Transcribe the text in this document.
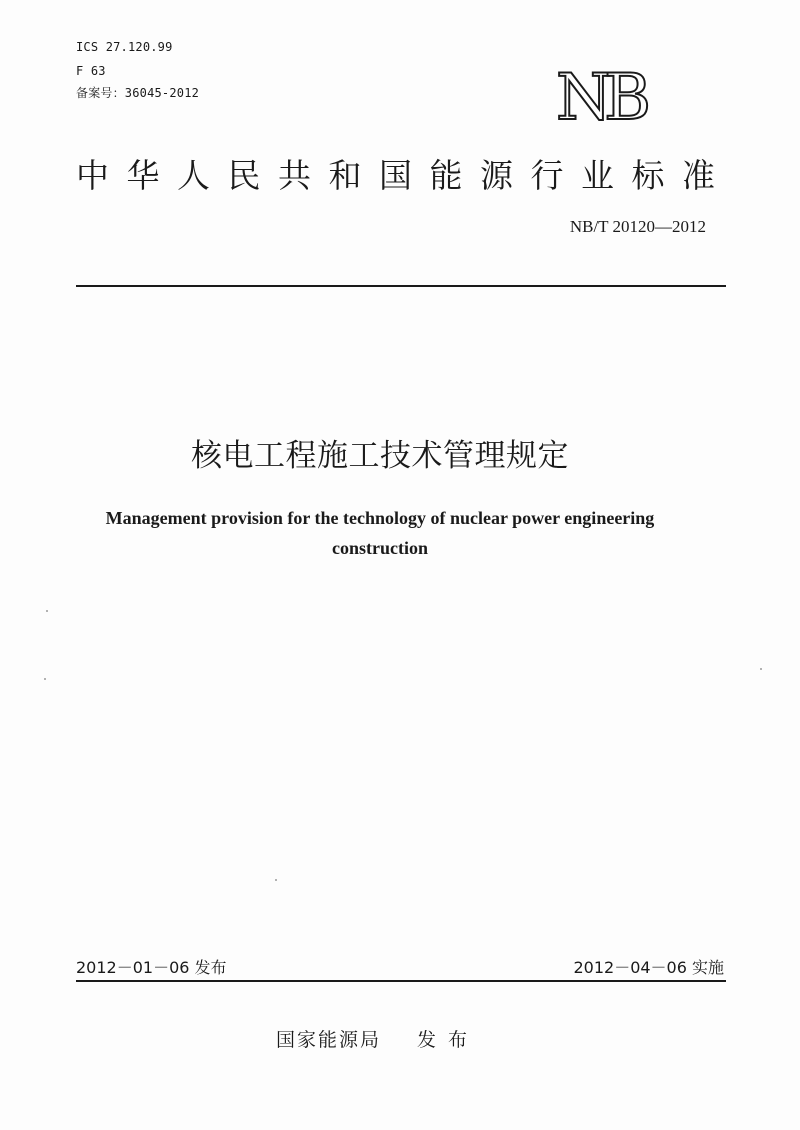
ICS 27.120.99
F 63
备案号：36045-2012	NB
中华人民共和国能源行业标准
NB/T 20120—2012
核电工程施工技术管理规定
Management provision for the technology of nuclear power engineering construction
2012－01－06 发布	2012－04－06 实施
国家能源局 发布
